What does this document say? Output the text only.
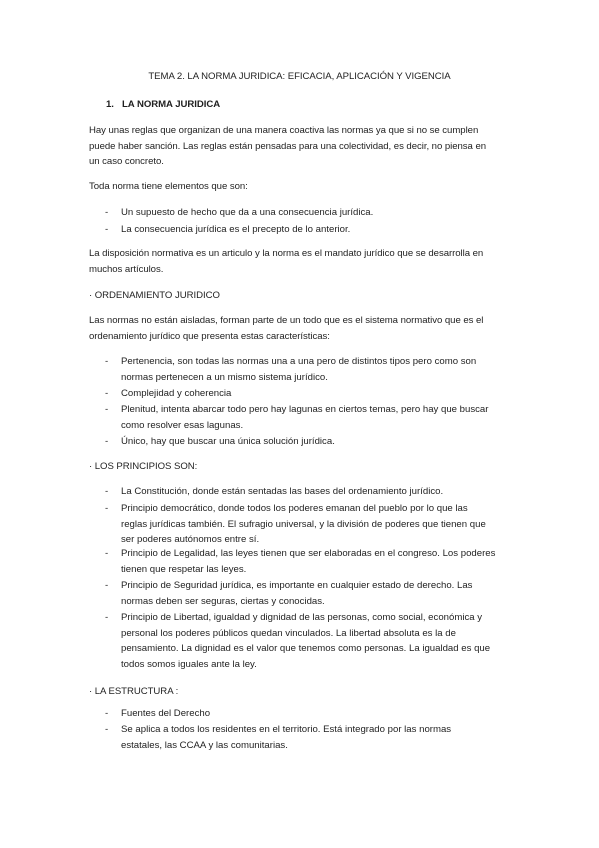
TEMA 2. LA NORMA JURIDICA: EFICACIA, APLICACIÓN Y VIGENCIA
1. LA NORMA JURIDICA
Hay unas reglas que organizan de una manera coactiva las normas ya que si no se cumplen
puede haber sanción. Las reglas están pensadas para una colectividad, es decir, no piensa en
un caso concreto.
Toda norma tiene elementos que son:
- Un supuesto de hecho que da a una consecuencia jurídica.
- La consecuencia jurídica es el precepto de lo anterior.
La disposición normativa es un articulo y la norma es el mandato jurídico que se desarrolla en
muchos artículos.
· ORDENAMIENTO JURIDICO
Las normas no están aisladas, forman parte de un todo que es el sistema normativo que es el
ordenamiento jurídico que presenta estas características:
- Pertenencia, son todas las normas una a una pero de distintos tipos pero como son
normas pertenecen a un mismo sistema jurídico.
- Complejidad y coherencia
- Plenitud, intenta abarcar todo pero hay lagunas en ciertos temas, pero hay que buscar
como resolver esas lagunas.
- Único, hay que buscar una única solución jurídica.
· LOS PRINCIPIOS SON:
- La Constitución, donde están sentadas las bases del ordenamiento jurídico.
- Principio democrático, donde todos los poderes emanan del pueblo por lo que las
reglas jurídicas también. El sufragio universal, y la división de poderes que tienen que
ser poderes autónomos entre sí.
- Principio de Legalidad, las leyes tienen que ser elaboradas en el congreso. Los poderes
tienen que respetar las leyes.
- Principio de Seguridad jurídica, es importante en cualquier estado de derecho. Las
normas deben ser seguras, ciertas y conocidas.
- Principio de Libertad, igualdad y dignidad de las personas, como social, económica y
personal los poderes públicos quedan vinculados. La libertad absoluta es la de
pensamiento. La dignidad es el valor que tenemos como personas. La igualdad es que
todos somos iguales ante la ley.
· LA ESTRUCTURA :
- Fuentes del Derecho
- Se aplica a todos los residentes en el territorio. Está integrado por las normas
estatales, las CCAA y las comunitarias.
